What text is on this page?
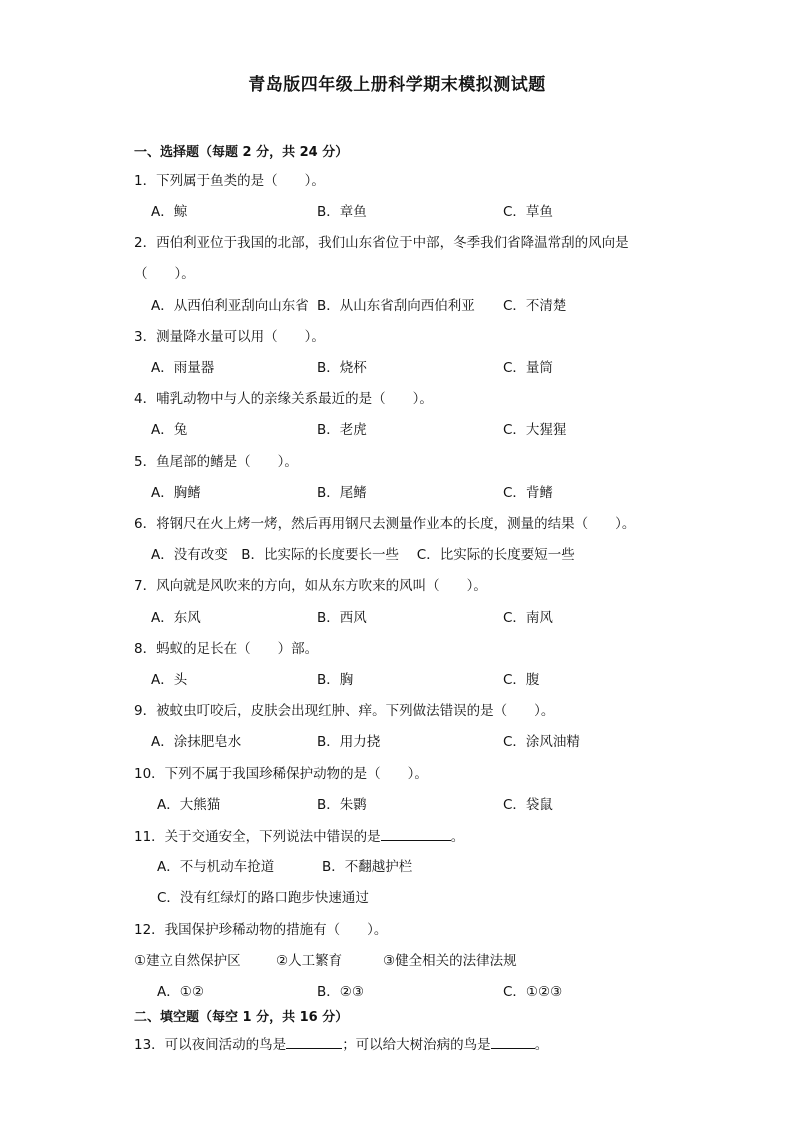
青岛版四年级上册科学期末模拟测试题
一、选择题（每题 2 分，共 24 分）
1．下列属于鱼类的是（　　）。
A．鲸	B．章鱼	C．草鱼
2．西伯利亚位于我国的北部，我们山东省位于中部，冬季我们省降温常刮的风向是
（　　）。
A．从西伯利亚刮向山东省 B．从山东省刮向西伯利亚 C．不清楚
3．测量降水量可以用（　　）。
A．雨量器	B．烧杯	C．量筒
4．哺乳动物中与人的亲缘关系最近的是（　　）。
A．兔	B．老虎	C．大猩猩
5．鱼尾部的鳍是（　　）。
A．胸鳍	B．尾鳍	C．背鳍
6．将钢尺在火上烤一烤，然后再用钢尺去测量作业本的长度，测量的结果（　　）。
A．没有改变　B．比实际的长度要长一些　 C．比实际的长度要短一些
7．风向就是风吹来的方向，如从东方吹来的风叫（　　）。
A．东风	B．西风	C．南风
8．蚂蚁的足长在（　　）部。
A．头	B．胸	C．腹
9．被蚊虫叮咬后，皮肤会出现红肿、痒。下列做法错误的是（　　）。
A．涂抹肥皂水	B．用力挠	C．涂风油精
10．下列不属于我国珍稀保护动物的是（　　）。
A．大熊猫	B．朱鹮	C．袋鼠
11．关于交通安全，下列说法中错误的是	。
A．不与机动车抢道	B．不翻越护栏
C．没有红绿灯的路口跑步快速通过
12．我国保护珍稀动物的措施有（　　）。
①建立自然保护区	②人工繁育	③健全相关的法律法规
A．①②	B．②③	C．①②③
二、填空题（每空 1 分，共 16 分）
13．可以夜间活动的鸟是	；可以给大树治病的鸟是	。
